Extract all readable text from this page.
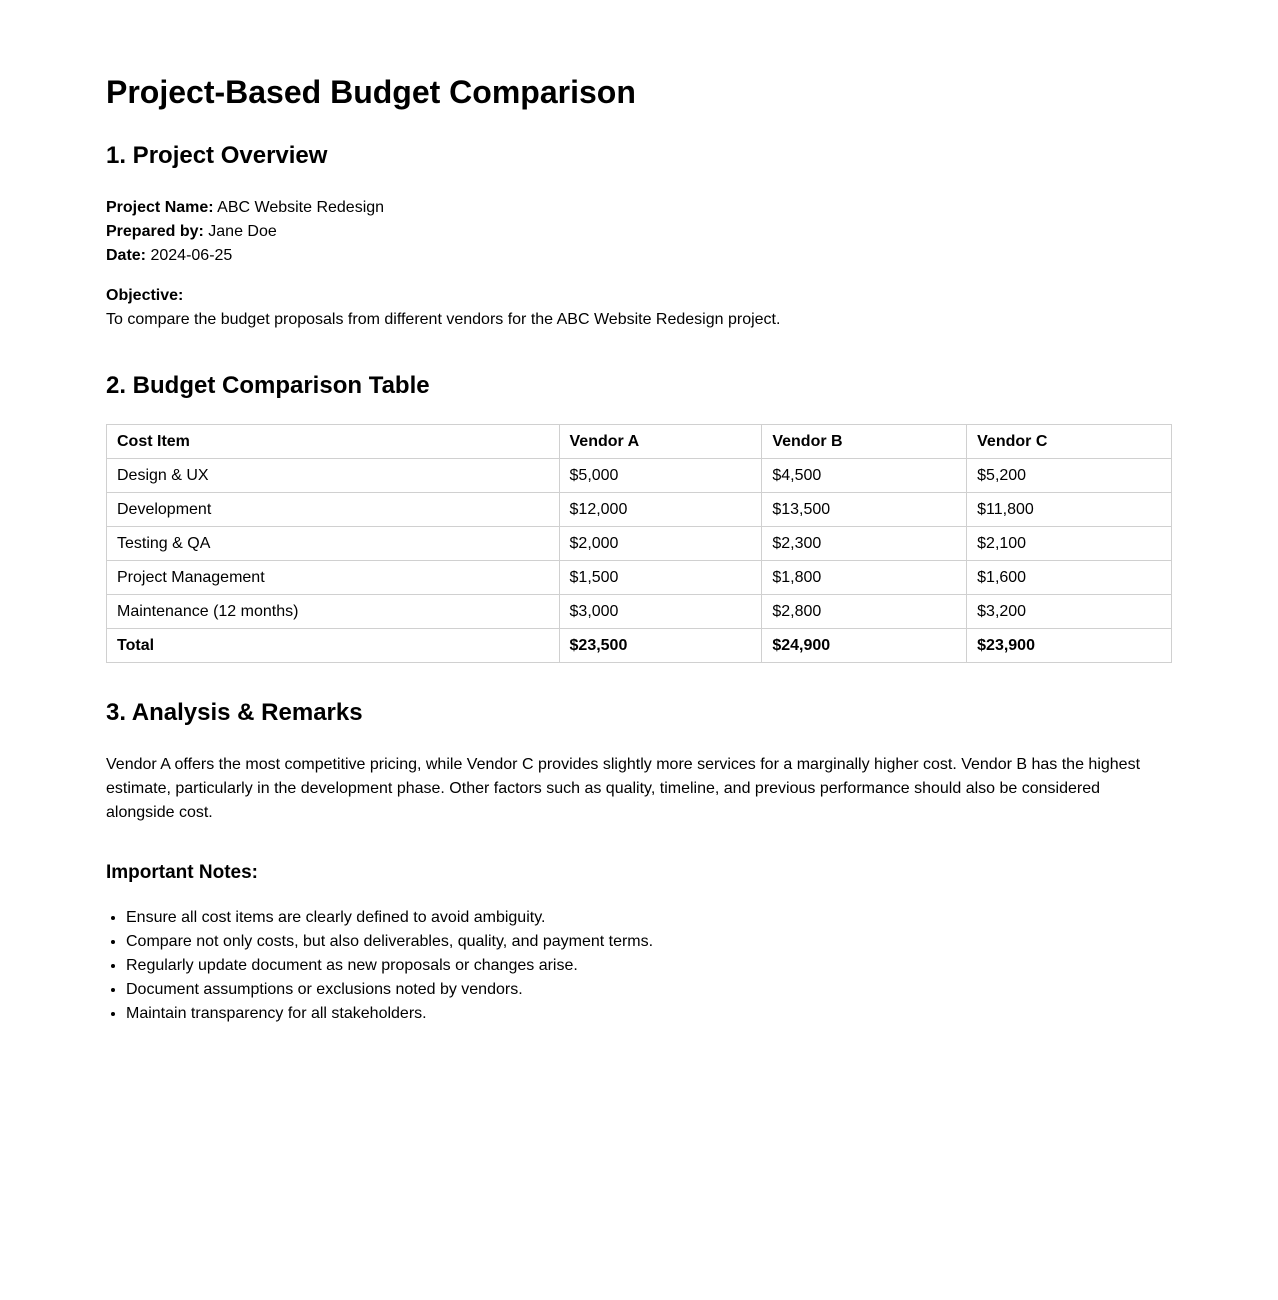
Project-Based Budget Comparison
1. Project Overview
Project Name: ABC Website Redesign
Prepared by: Jane Doe
Date: 2024-06-25
Objective:
To compare the budget proposals from different vendors for the ABC Website Redesign project.
2. Budget Comparison Table
Cost Item	Vendor A	Vendor B	Vendor C
Design & UX	$5,000	$4,500	$5,200
Development	$12,000	$13,500	$11,800
Testing & QA	$2,000	$2,300	$2,100
Project Management	$1,500	$1,800	$1,600
Maintenance (12 months)	$3,000	$2,800	$3,200
Total	$23,500	$24,900	$23,900
3. Analysis & Remarks

Vendor A offers the most competitive pricing, while Vendor C provides slightly more services for a marginally higher cost. Vendor B has the highest estimate, particularly in the development phase. Other factors such as quality, timeline, and previous performance should also be considered alongside cost.

Important Notes:
• Ensure all cost items are clearly defined to avoid ambiguity.
• Compare not only costs, but also deliverables, quality, and payment terms.
• Regularly update document as new proposals or changes arise.
• Document assumptions or exclusions noted by vendors.
• Maintain transparency for all stakeholders.
